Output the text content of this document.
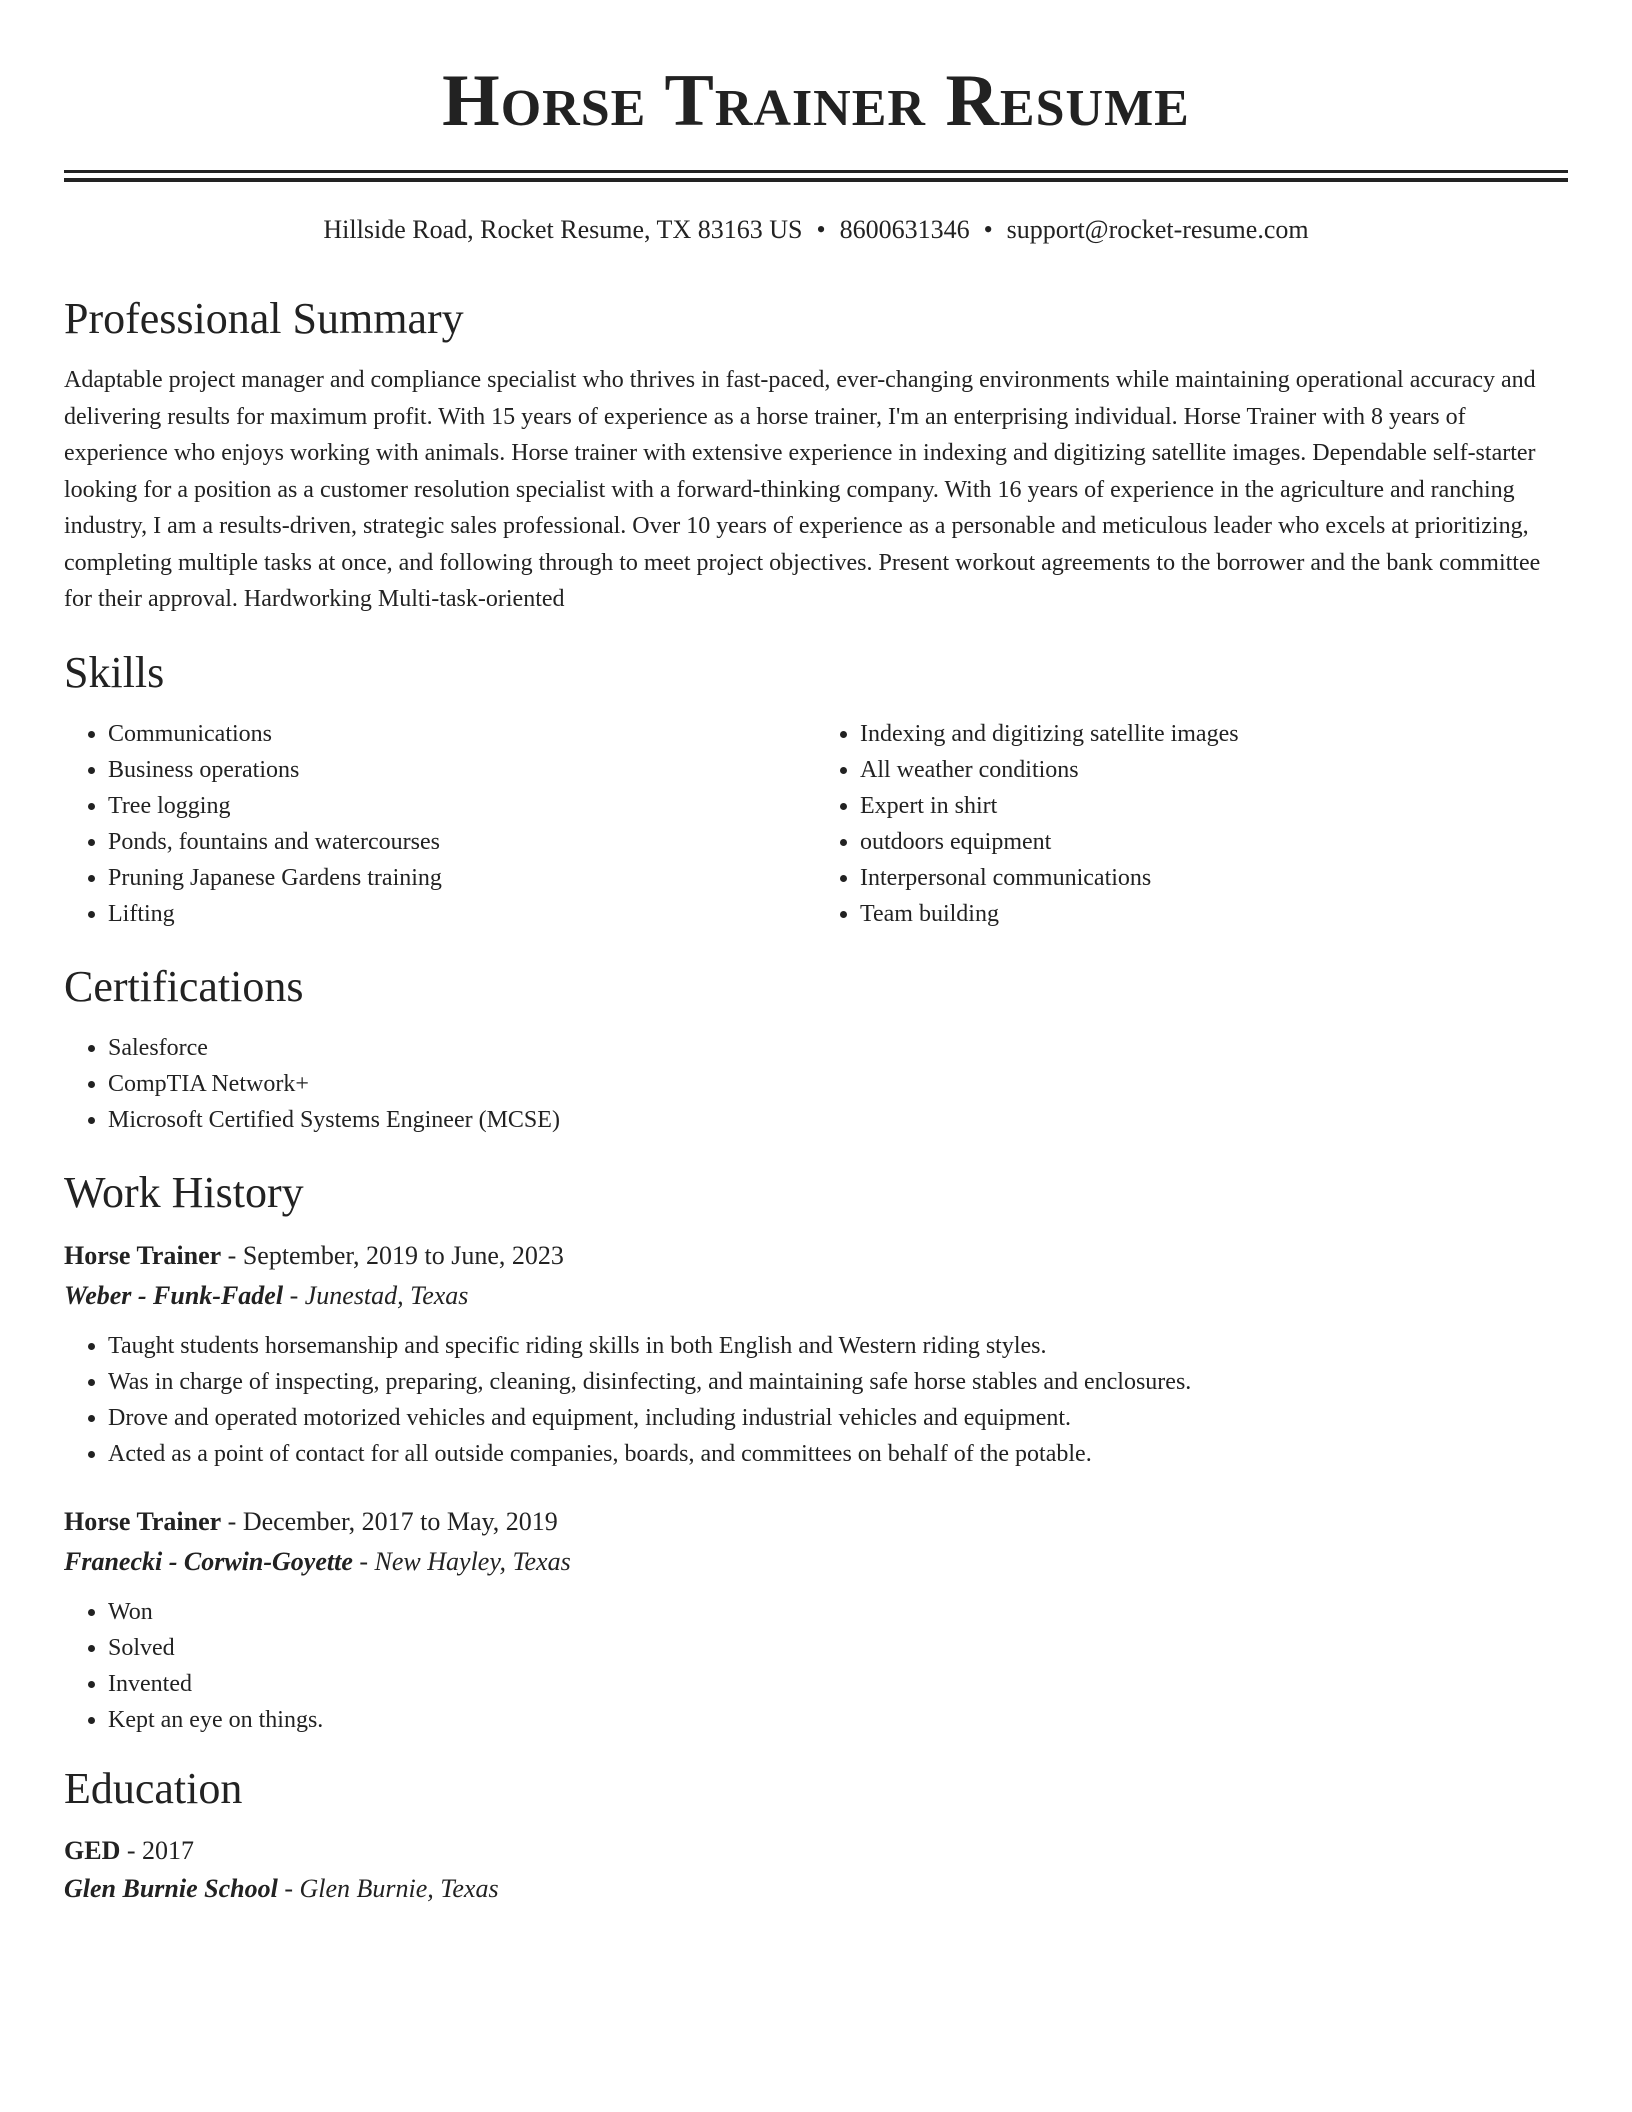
Horse Trainer Resume
Hillside Road, Rocket Resume, TX 83163 US • 8600631346 • support@rocket-resume.com
Professional Summary

Adaptable project manager and compliance specialist who thrives in fast-paced, ever-changing environments while maintaining operational accuracy and delivering results for maximum profit. With 15 years of experience as a horse trainer, I'm an enterprising individual. Horse Trainer with 8 years of experience who enjoys working with animals. Horse trainer with extensive experience in indexing and digitizing satellite images. Dependable self-starter looking for a position as a customer resolution specialist with a forward-thinking company. With 16 years of experience in the agriculture and ranching industry, I am a results-driven, strategic sales professional. Over 10 years of experience as a personable and meticulous leader who excels at prioritizing, completing multiple tasks at once, and following through to meet project objectives. Present workout agreements to the borrower and the bank committee for their approval. Hardworking Multi-task-oriented

Skills
• Communications
• Business operations
• Tree logging
• Ponds, fountains and watercourses
• Pruning Japanese Gardens training
• Lifting
• Indexing and digitizing satellite images
• All weather conditions
• Expert in shirt
• outdoors equipment
• Interpersonal communications
• Team building
Certifications
• Salesforce
• CompTIA Network+
• Microsoft Certified Systems Engineer (MCSE)
Work History
Horse Trainer - September, 2019 to June, 2023
Weber - Funk-Fadel - Junestad, Texas
• Taught students horsemanship and specific riding skills in both English and Western riding styles.
• Was in charge of inspecting, preparing, cleaning, disinfecting, and maintaining safe horse stables and enclosures.
• Drove and operated motorized vehicles and equipment, including industrial vehicles and equipment.
• Acted as a point of contact for all outside companies, boards, and committees on behalf of the potable.
Horse Trainer - December, 2017 to May, 2019
Franecki - Corwin-Goyette - New Hayley, Texas
• Won
• Solved
• Invented
• Kept an eye on things.
Education
GED - 2017
Glen Burnie School - Glen Burnie, Texas
